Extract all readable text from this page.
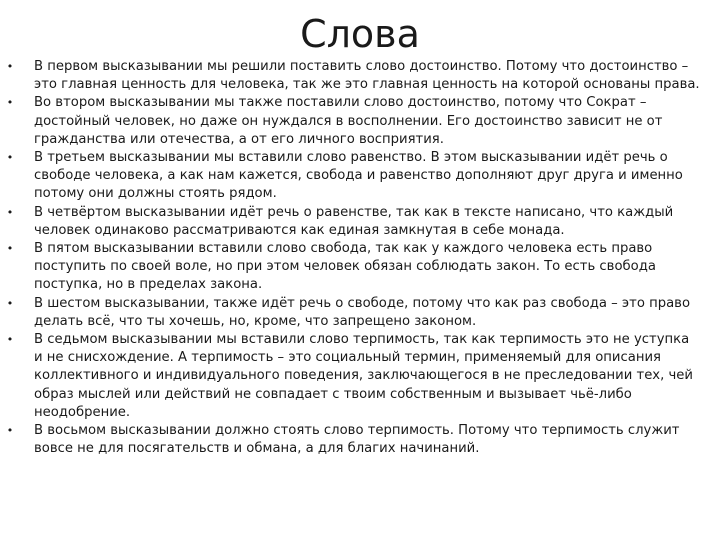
Слова
• В первом высказывании мы решили поставить слово достоинство. Потому что достоинство – это главная ценность для человека, так же это главная ценность на которой основаны права.
• Во втором высказывании мы также поставили слово достоинство, потому что Сократ – достойный человек, но даже он нуждался в восполнении. Его достоинство зависит не от гражданства или отечества, а от его личного восприятия.
• В третьем высказывании мы вставили слово равенство. В этом высказывании идёт речь о свободе человека, а как нам кажется, свобода и равенство дополняют друг друга и именно потому они должны стоять рядом.
• В четвёртом высказывании идёт речь о равенстве, так как в тексте написано, что каждый человек одинаково рассматриваются как единая замкнутая в себе монада.
• В пятом высказывании вставили слово свобода, так как у каждого человека есть право поступить по своей воле, но при этом человек обязан соблюдать закон. То есть свобода поступка, но в пределах закона.
• В шестом высказывании, также идёт речь о свободе, потому что как раз свобода – это право делать всё, что ты хочешь, но, кроме, что запрещено законом.
• В седьмом высказывании мы вставили слово терпимость, так как терпимость это не уступка и не снисхождение. А терпимость – это социальный термин, применяемый для описания коллективного и индивидуального поведения, заключающегося в не преследовании тех, чей образ мыслей или действий не совпадает с твоим собственным и вызывает чьё-либо неодобрение.
• В восьмом высказывании должно стоять слово терпимость. Потому что терпимость служит вовсе не для посягательств и обмана, а для благих начинаний.
